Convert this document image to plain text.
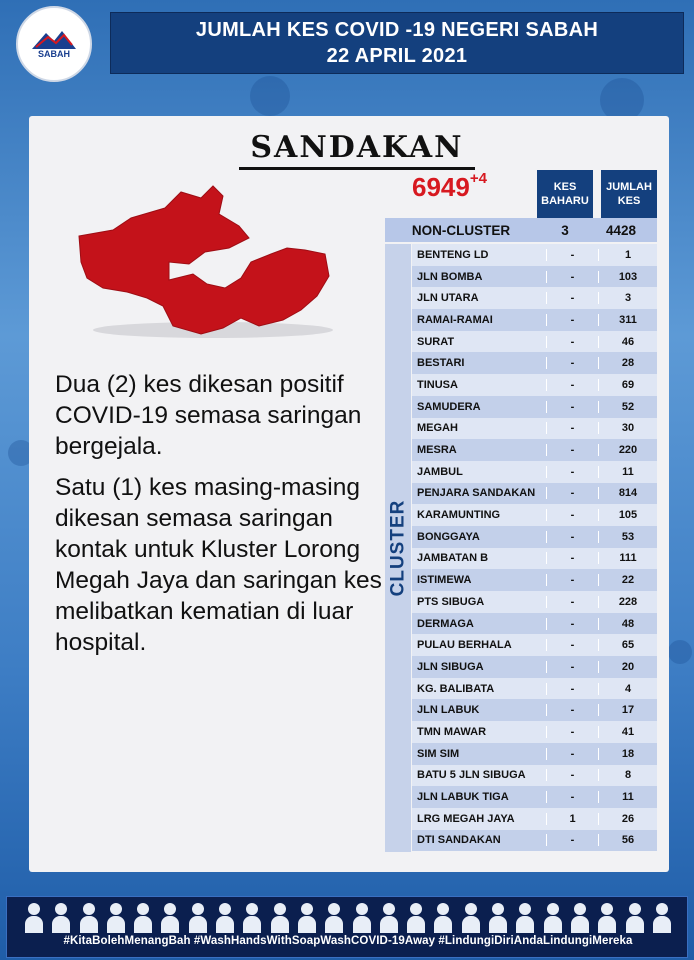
SABAH
JUMLAH KES COVID -19 NEGERI SABAH
22 APRIL 2021
SANDAKAN
$6949^{+4}$

Dua (2) kes dikesan positif COVID-19 semasa saringan bergejala.

Satu (1) kes masing-masing dikesan semasa saringan kontak untuk Kluster Lorong Megah Jaya dan saringan kes melibatkan kematian di luar hospital.

KES BAHARU
JUMLAH KES
NON-CLUSTER	3	4428
CLUSTER
BENTENG LD	-	1
JLN BOMBA	-	103
JLN UTARA	-	3
RAMAI-RAMAI	-	311
SURAT	-	46
BESTARI	-	28
TINUSA	-	69
SAMUDERA	-	52
MEGAH	-	30
MESRA	-	220
JAMBUL	-	11
PENJARA SANDAKAN	-	814
KARAMUNTING	-	105
BONGGAYA	-	53
JAMBATAN B	-	111
ISTIMEWA	-	22
PTS SIBUGA	-	228
DERMAGA	-	48
PULAU BERHALA	-	65
JLN SIBUGA	-	20
KG. BALIBATA	-	4
JLN LABUK	-	17
TMN MAWAR	-	41
SIM SIM	-	18
BATU 5 JLN SIBUGA	-	8
JLN LABUK TIGA	-	11
LRG MEGAH JAYA	1	26
DTI SANDAKAN	-	56
#KitaBolehMenangBah #WashHandsWithSoapWashCOVID-19Away #LindungiDiriAndaLindungiMereka
